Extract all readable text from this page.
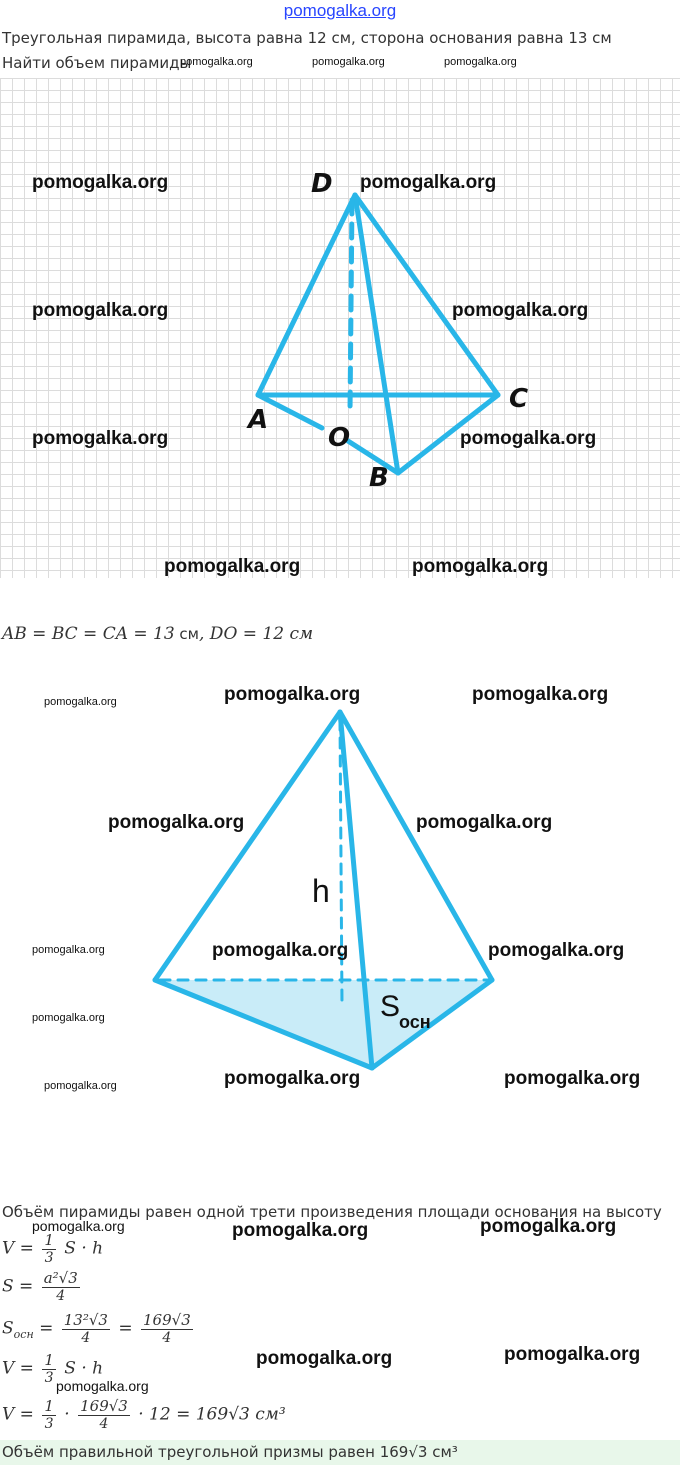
pomogalka.org
Треугольная пирамида, высота равна 12 см, сторона основания равна 13 см
Найти объем пирамиды
pomogalka.org	pomogalka.org	pomogalka.org
D
A
C
O
B
pomogalka.org	pomogalka.org
pomogalka.org	pomogalka.org
pomogalka.org	pomogalka.org
pomogalka.org	pomogalka.org
AB = BC = CA = 13 см, DO = 12 см
h
S
осн
pomogalka.org	pomogalka.org	pomogalka.org
pomogalka.org	pomogalka.org
pomogalka.org	pomogalka.org	pomogalka.org
pomogalka.org
pomogalka.org	pomogalka.org	pomogalka.org
Объём пирамиды равен одной трети произведения площади основания на высоту
$V = \frac{1}{3}$ S · h
$S = \frac{\text{a²√3}}{4}$
$S_{осн} = \frac{\text{13²√3}}{4} = \frac{169√3}{4}$
$V = \frac{1}{3}$ S · h
$V = \frac{1}{3} \cdot \frac{169√3}{4} \cdot 12 = 169√3$ см³
pomogalka.org	pomogalka.org	pomogalka.org
pomogalka.org	pomogalka.org
pomogalka.org
Объём правильной треугольной призмы равен 169√3 см³
